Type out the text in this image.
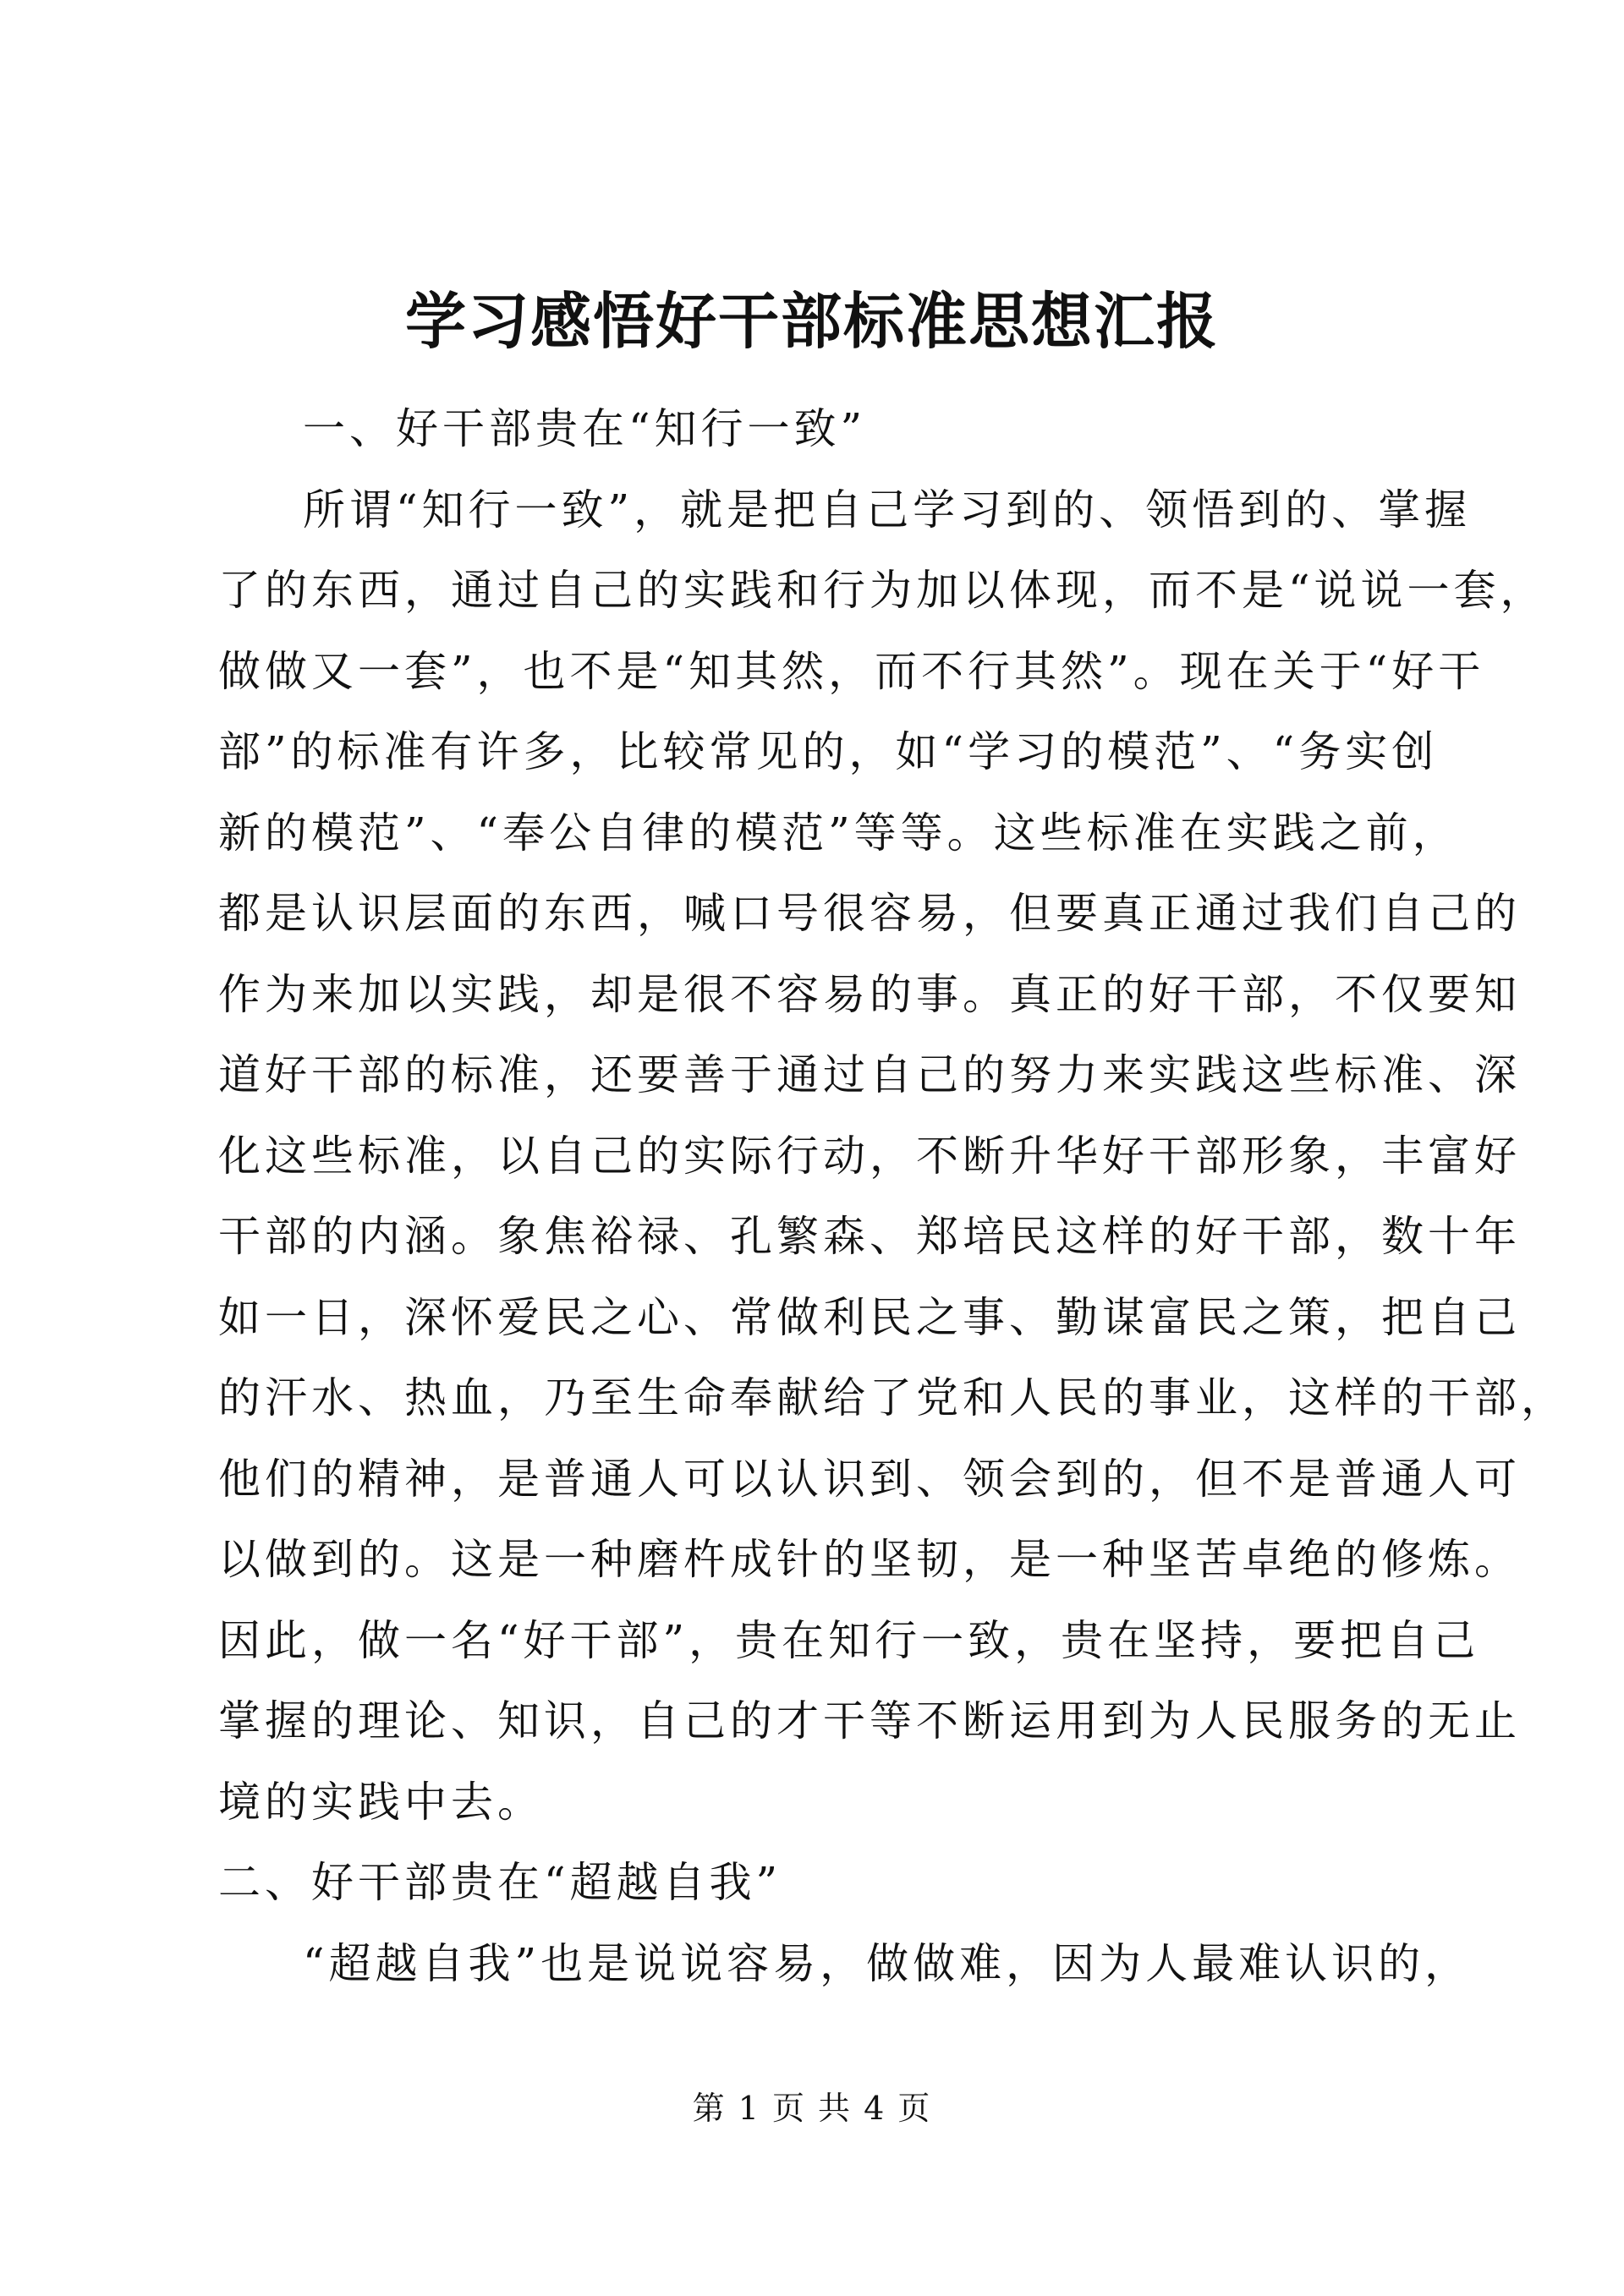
学习感悟好干部标准思想汇报
一、好干部贵在“知行一致”
所谓“知行一致”，就是把自己学习到的、领悟到的、掌握
了的东西，通过自己的实践和行为加以体现，而不是“说说一套，
做做又一套”，也不是“知其然，而不行其然”。现在关于“好干
部”的标准有许多，比较常见的，如“学习的模范”、“务实创
新的模范”、“奉公自律的模范”等等。这些标准在实践之前，
都是认识层面的东西，喊口号很容易，但要真正通过我们自己的
作为来加以实践，却是很不容易的事。真正的好干部，不仅要知
道好干部的标准，还要善于通过自己的努力来实践这些标准、深
化这些标准，以自己的实际行动，不断升华好干部形象，丰富好
干部的内涵。象焦裕禄、孔繁森、郑培民这样的好干部，数十年
如一日，深怀爱民之心、常做利民之事、勤谋富民之策，把自己
的汗水、热血，乃至生命奉献给了党和人民的事业，这样的干部，
他们的精神，是普通人可以认识到、领会到的，但不是普通人可
以做到的。这是一种磨杵成针的坚韧，是一种坚苦卓绝的修炼。
因此，做一名“好干部”，贵在知行一致，贵在坚持，要把自己
掌握的理论、知识，自己的才干等不断运用到为人民服务的无止
境的实践中去。
二、好干部贵在“超越自我”
“超越自我”也是说说容易，做做难，因为人最难认识的，
第 1 页 共 4 页
